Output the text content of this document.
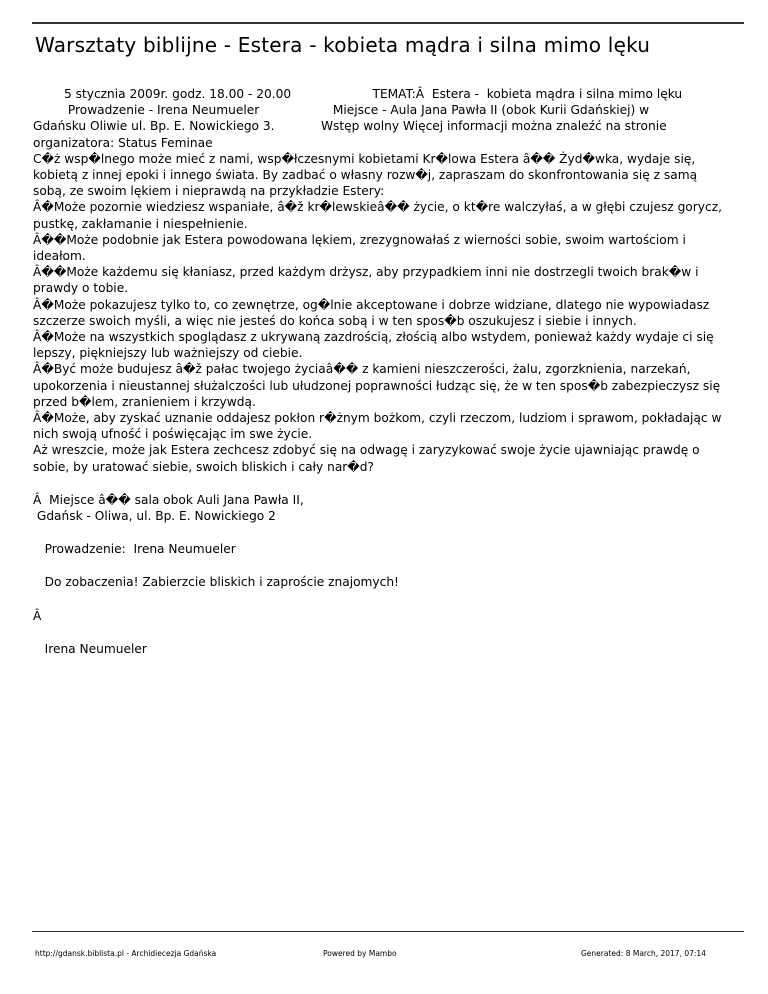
Warsztaty biblijne - Estera - kobieta mądra i silna mimo lęku

5 stycznia 2009r. godz. 18.00 - 20.00                     TEMAT:Â  Estera -  kobieta mądra i silna mimo lęku

Prowadzenie - Irena Neumueler                   Miejsce - Aula Jana Pawła II (obok Kurii Gdańskiej) w

Gdańsku Oliwie ul. Bp. E. Nowickiego 3.            Wstęp wolny Więcej informacji można znaleźć na stronie

organizatora: Status Feminae

C�ż wsp�lnego może mieć z nami, wsp�łczesnymi kobietami Kr�lowa Estera â�� Żyd�wka, wydaje się, kobietą z innej epoki i innego świata. By zadbać o własny rozw�j, zapraszam do skonfrontowania się z samą sobą, ze swoim lękiem i nieprawdą na przykładzie Estery:

Â�Może pozornie wiedziesz wspaniałe, â�ž kr�lewskieâ�� życie, o kt�re walczyłaś, a w głębi czujesz gorycz, pustkę, zakłamanie i niespełnienie.

Â��Może podobnie jak Estera powodowana lękiem, zrezygnowałaś z wierności sobie, swoim wartościom i ideałom.

Â��Może każdemu się kłaniasz, przed każdym drżysz, aby przypadkiem inni nie dostrzegli twoich brak�w i prawdy o tobie.

Â�Może pokazujesz tylko to, co zewnętrze, og�lnie akceptowane i dobrze widziane, dlatego nie wypowiadasz szczerze swoich myśli, a więc nie jesteś do końca sobą i w ten spos�b oszukujesz i siebie i innych.

Â�Może na wszystkich spoglądasz z ukrywaną zazdrością, złością albo wstydem, ponieważ każdy wydaje ci się lepszy, piękniejszy lub ważniejszy od ciebie.

Â�Być może budujesz â�ž pałac twojego życiaâ�� z kamieni nieszczerości, żalu, zgorzknienia, narzekań, upokorzenia i nieustannej służalczości lub ułudzonej poprawności łudząc się, że w ten spos�b zabezpieczysz się przed b�lem, zranieniem i krzywdą.

Â�Może, aby zyskać uznanie oddajesz pokłon r�żnym bożkom, czyli rzeczom, ludziom i sprawom, pokładając w nich swoją ufność i poświęcając im swe życie.

Aż wreszcie, może jak Estera zechcesz zdobyć się na odwagę i zaryzykować swoje życie ujawniając prawdę o sobie, by uratować siebie, swoich bliskich i cały nar�d?

Â  Miejsce â�� sala obok Auli Jana Pawła II,

Gdańsk - Oliwa, ul. Bp. E. Nowickiego 2

Prowadzenie:  Irena Neumueler

Do zobaczenia! Zabierzcie bliskich i zaproście znajomych!

Â

Irena Neumueler

http://gdansk.biblista.pl - Archidiecezja Gdańska	Powered by Mambo	Generated: 8 March, 2017, 07:14
